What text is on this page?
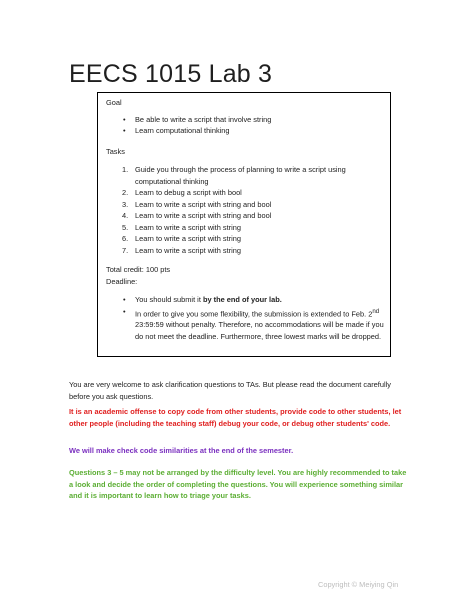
EECS 1015 Lab 3

Goal

• Be able to write a script that involve string
• Learn computational thinking

Tasks

1. Guide you through the process of planning to write a script using computational thinking
2. Learn to debug a script with bool
3. Learn to write a script with string and bool
4. Learn to write a script with string and bool
5. Learn to write a script with string
6. Learn to write a script with string
7. Learn to write a script with string

Total credit: 100 pts

Deadline:

• You should submit it by the end of your lab.
• In order to give you some flexibility, the submission is extended to Feb. 2nd 23:59:59 without penalty. Therefore, no accommodations will be made if you do not meet the deadline. Furthermore, three lowest marks will be dropped.

You are very welcome to ask clarification questions to TAs. But please read the document carefully before you ask questions.

It is an academic offense to copy code from other students, provide code to other students, let other people (including the teaching staff) debug your code, or debug other students' code.

We will make check code similarities at the end of the semester.

Questions 3 – 5 may not be arranged by the difficulty level. You are highly recommended to take a look and decide the order of completing the questions. You will experience something similar and it is important to learn how to triage your tasks.

Copyright © Meiying Qin
